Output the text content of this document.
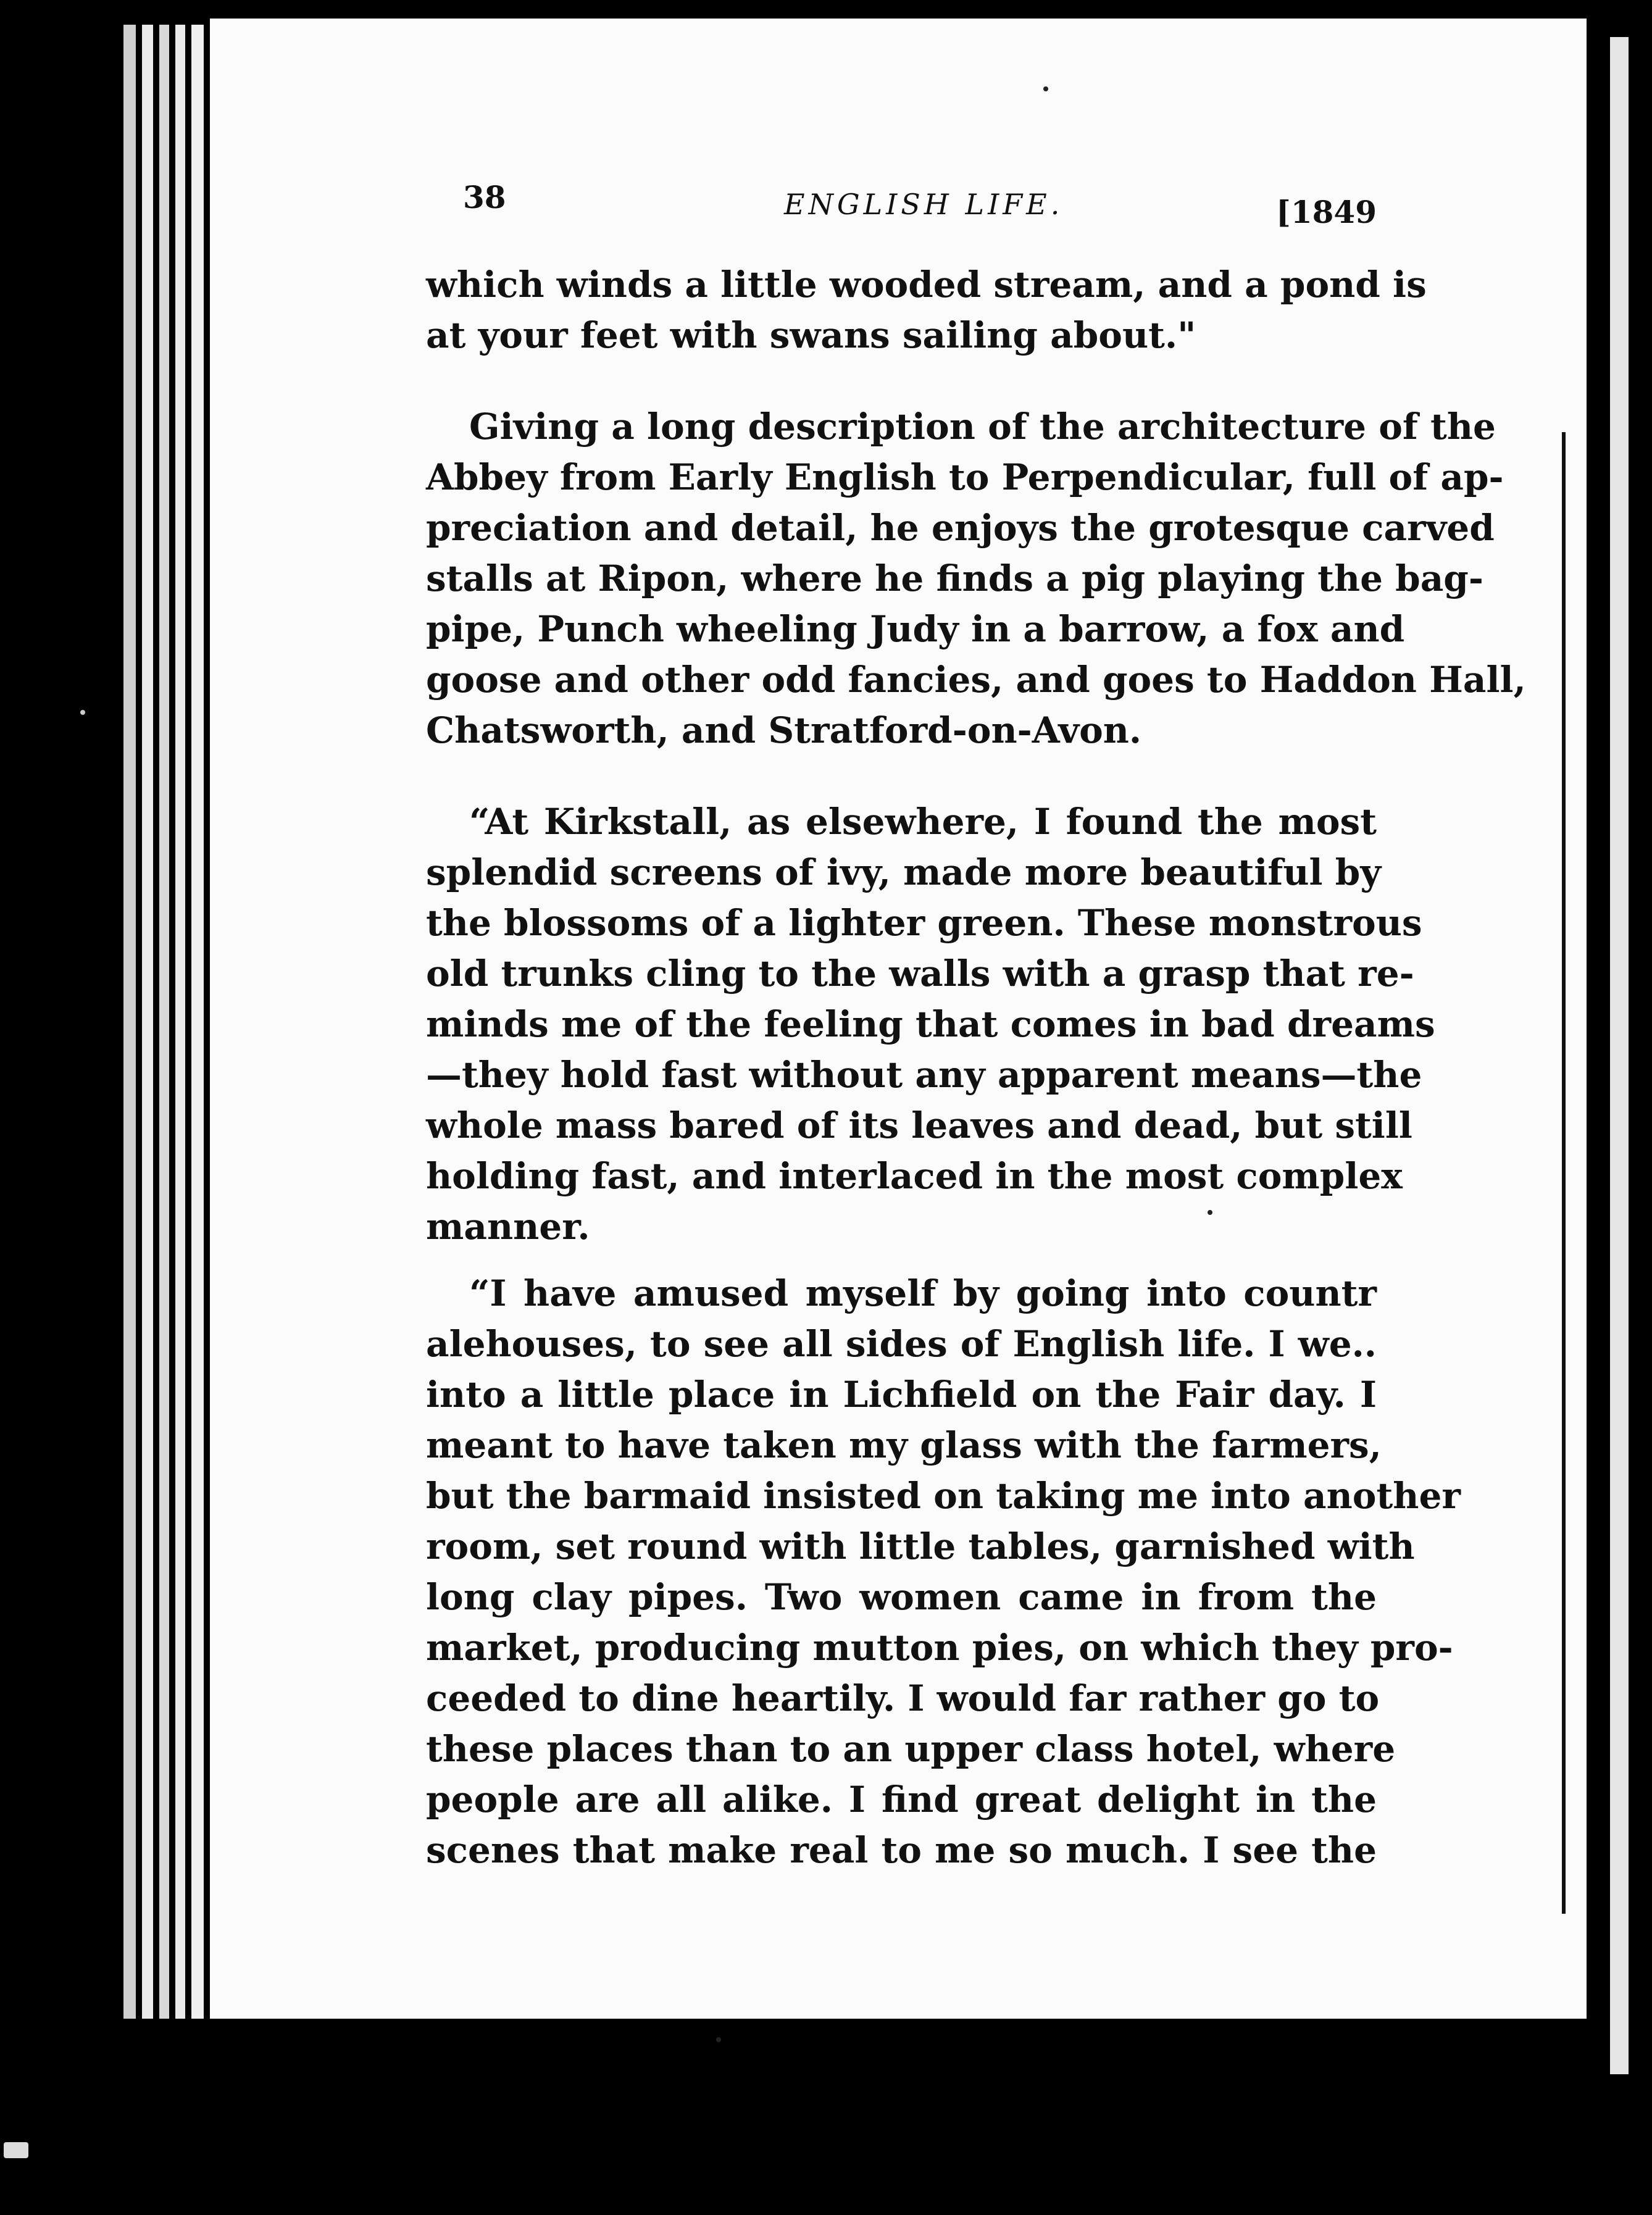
38	ENGLISH LIFE.	[1849
which winds a little wooded stream, and a pond is
at your feet with swans sailing about."
Giving a long description of the architecture of the
Abbey from Early English to Perpendicular, full of ap-
preciation and detail, he enjoys the grotesque carved
stalls at Ripon, where he finds a pig playing the bag-
pipe, Punch wheeling Judy in a barrow, a fox and
goose and other odd fancies, and goes to Haddon Hall,
Chatsworth, and Stratford-on-Avon.
“At Kirkstall, as elsewhere, I found the most
splendid screens of ivy, made more beautiful by
the blossoms of a lighter green. These monstrous
old trunks cling to the walls with a grasp that re-
minds me of the feeling that comes in bad dreams
—they hold fast without any apparent means—the
whole mass bared of its leaves and dead, but still
holding fast, and interlaced in the most complex
manner.
“I have amused myself by going into countr
alehouses, to see all sides of English life. I we..
into a little place in Lichfield on the Fair day. I
meant to have taken my glass with the farmers,
but the barmaid insisted on taking me into another
room, set round with little tables, garnished with
long clay pipes. Two women came in from the
market, producing mutton pies, on which they pro-
ceeded to dine heartily. I would far rather go to
these places than to an upper class hotel, where
people are all alike. I find great delight in the
scenes that make real to me so much. I see the
